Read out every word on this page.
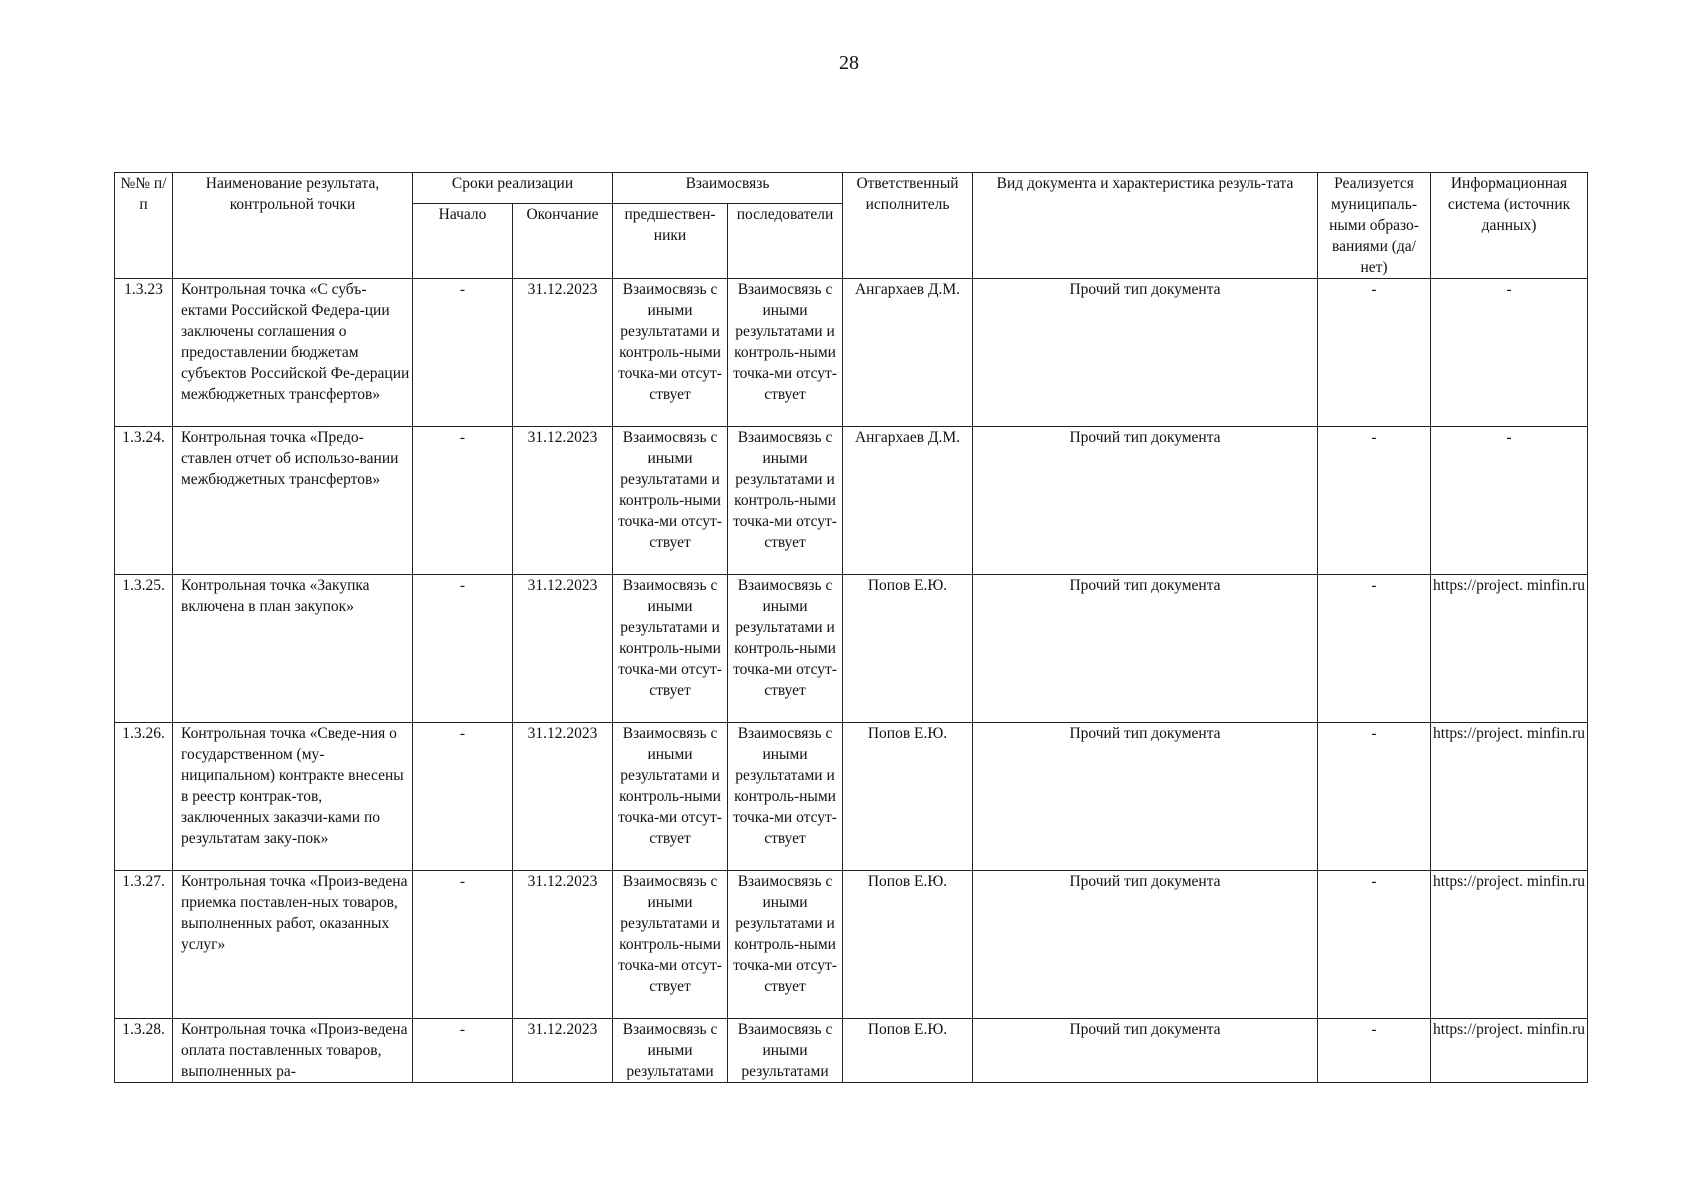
28
№№ п/п	Наименование результата, контрольной точки	Сроки реализации		Взаимосвязь		Ответственный исполнитель	Вид документа и характеристика резуль-тата	Реализуется муниципаль-ными образо-ваниями (да/нет)	Информационная система (источник данных)
		Начало	Окончание	предшествен-ники	последователи				
1.3.23	Контрольная точка «С субъ-ектами Российской Федера-ции заключены соглашения о предоставлении бюджетам субъектов Российской Фе-дерации межбюджетных трансфертов»	-	31.12.2023	Взаимосвязь с иными результатами и контроль-ными точка-ми отсут-ствует	Взаимосвязь с иными результатами и контроль-ными точка-ми отсут-ствует	Ангархаев Д.М.	Прочий тип документа	-	-
1.3.24.	Контрольная точка «Предо-ставлен отчет об использо-вании межбюджетных трансфертов»	-	31.12.2023	Взаимосвязь с иными результатами и контроль-ными точка-ми отсут-ствует	Взаимосвязь с иными результатами и контроль-ными точка-ми отсут-ствует	Ангархаев Д.М.	Прочий тип документа	-	-
1.3.25.	Контрольная точка «Закупка включена в план закупок»	-	31.12.2023	Взаимосвязь с иными результатами и контроль-ными точка-ми отсут-ствует	Взаимосвязь с иными результатами и контроль-ными точка-ми отсут-ствует	Попов Е.Ю.	Прочий тип документа	-	https://project. minfin.ru
1.3.26.	Контрольная точка «Сведе-ния о государственном (му-ниципальном) контракте внесены в реестр контрак-тов, заключенных заказчи-ками по результатам заку-пок»	-	31.12.2023	Взаимосвязь с иными результатами и контроль-ными точка-ми отсут-ствует	Взаимосвязь с иными результатами и контроль-ными точка-ми отсут-ствует	Попов Е.Ю.	Прочий тип документа	-	https://project. minfin.ru
1.3.27.	Контрольная точка «Произ-ведена приемка поставлен-ных товаров, выполненных работ, оказанных услуг»	-	31.12.2023	Взаимосвязь с иными результатами и контроль-ными точка-ми отсут-ствует	Взаимосвязь с иными результатами и контроль-ными точка-ми отсут-ствует	Попов Е.Ю.	Прочий тип документа	-	https://project. minfin.ru
1.3.28.	Контрольная точка «Произ-ведена оплата поставленных товаров, выполненных ра-	-	31.12.2023	Взаимосвязь с иными результатами	Взаимосвязь с иными результатами	Попов Е.Ю.	Прочий тип документа	-	https://project. minfin.ru
